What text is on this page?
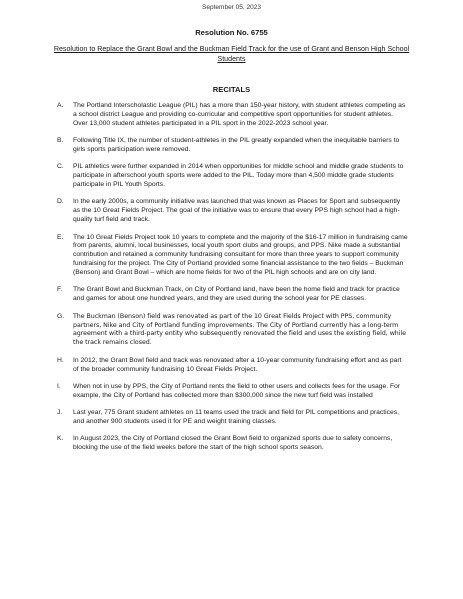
September 05, 2023
Resolution No. 6755
Resolution to Replace the Grant Bowl and the Buckman Field Track for the use of Grant and Benson High School Students
RECITALS
A. The Portland Interscholastic League (PIL) has a more than 150-year history, with student athletes competing as a school district League and providing co-curricular and competitive sport opportunities for student athletes. Over 13,000 student athletes participated in a PIL sport in the 2022-2023 school year.
B. Following Title IX, the number of student-athletes in the PIL greatly expanded when the inequitable barriers to girls sports participation were removed.
C. PIL athletics were further expanded in 2014 when opportunities for middle school and middle grade students to participate in afterschool youth sports were added to the PIL. Today more than 4,500 middle grade students participate in PIL Youth Sports.
D. In the early 2000s, a community initiative was launched that was known as Places for Sport and subsequently as the 10 Great Fields Project. The goal of the initiative was to ensure that every PPS high school had a high-quality turf field and track.
E. The 10 Great Fields Project took 10 years to complete and the majority of the $16-17 million in fundraising came from parents, alumni, local businesses, local youth sport clubs and groups, and PPS. Nike made a substantial contribution and retained a community fundraising consultant for more than three years to support community fundraising for the project. The City of Portland provided some financial assistance to the two fields – Buckman (Benson) and Grant Bowl – which are home fields for two of the PIL high schools and are on city land.
F. The Grant Bowl and Buckman Track, on City of Portland land, have been the home field and track for practice and games for about one hundred years, and they are used during the school year for PE classes.
G. The Buckman (Benson) field was renovated as part of the 10 Great Fields Project with PPS, community partners, Nike and City of Portland funding improvements. The City of Portland currently has a long-term agreement with a third-party entity who subsequently renovated the field and uses the existing field, while the track remains closed.
H. In 2012, the Grant Bowl field and track was renovated after a 10-year community fundraising effort and as part of the broader community fundraising 10 Great Fields Project.
I. When not in use by PPS, the City of Portland rents the field to other users and collects fees for the usage. For example, the City of Portland has collected more than $300,000 since the new turf field was installed
J. Last year, 775 Grant student athletes on 11 teams used the track and field for PIL competitions and practices, and another 900 students used it for PE and weight training classes.
K. In August 2023, the City of Portland closed the Grant Bowl field to organized sports due to safety concerns, blocking the use of the field weeks before the start of the high school sports season.
